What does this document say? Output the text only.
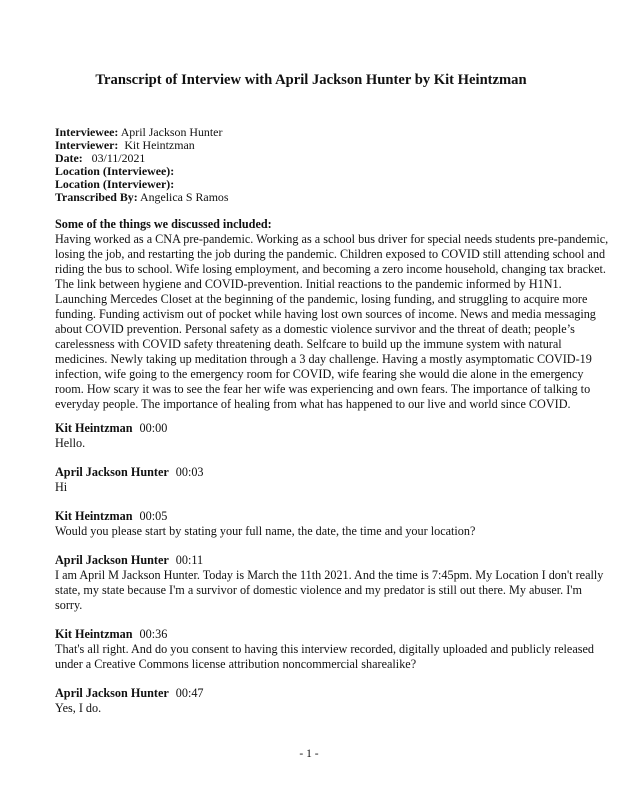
Transcript of Interview with April Jackson Hunter by Kit Heintzman
Interviewee: April Jackson Hunter
Interviewer:  Kit Heintzman
Date:   03/11/2021
Location (Interviewee):
Location (Interviewer):
Transcribed By: Angelica S Ramos
Some of the things we discussed included:
Having worked as a CNA pre-pandemic. Working as a school bus driver for special needs students pre-pandemic,
losing the job, and restarting the job during the pandemic. Children exposed to COVID still attending school and
riding the bus to school. Wife losing employment, and becoming a zero income household, changing tax bracket.
The link between hygiene and COVID-prevention. Initial reactions to the pandemic informed by H1N1.
Launching Mercedes Closet at the beginning of the pandemic, losing funding, and struggling to acquire more
funding. Funding activism out of pocket while having lost own sources of income. News and media messaging
about COVID prevention. Personal safety as a domestic violence survivor and the threat of death; people’s
carelessness with COVID safety threatening death. Selfcare to build up the immune system with natural
medicines. Newly taking up meditation through a 3 day challenge. Having a mostly asymptomatic COVID-19
infection, wife going to the emergency room for COVID, wife fearing she would die alone in the emergency
room. How scary it was to see the fear her wife was experiencing and own fears. The importance of talking to
everyday people. The importance of healing from what has happened to our live and world since COVID.
Kit Heintzman 00:00
Hello.
April Jackson Hunter 00:03
Hi
Kit Heintzman 00:05
Would you please start by stating your full name, the date, the time and your location?
April Jackson Hunter 00:11
I am April M Jackson Hunter. Today is March the 11th 2021. And the time is 7:45pm. My Location I don't really
state, my state because I'm a survivor of domestic violence and my predator is still out there. My abuser. I'm
sorry.
Kit Heintzman 00:36
That's all right. And do you consent to having this interview recorded, digitally uploaded and publicly released
under a Creative Commons license attribution noncommercial sharealike?
April Jackson Hunter 00:47
Yes, I do.
- 1 -
